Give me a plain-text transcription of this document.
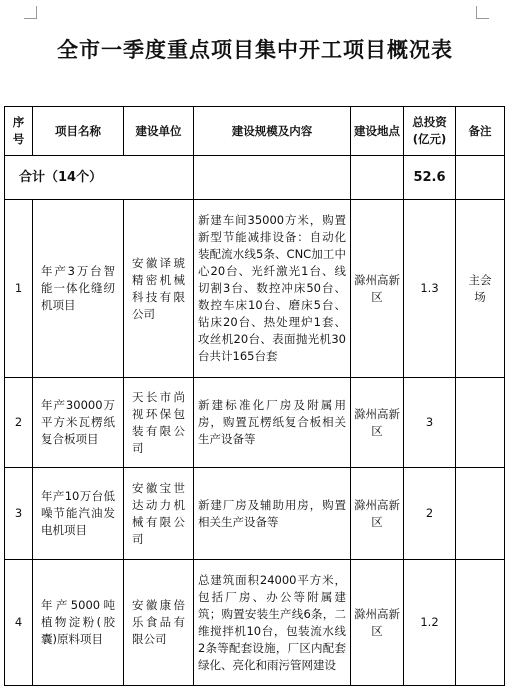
全市一季度重点项目集中开工项目概况表
序号	项目名称	建设单位	建设规模及内容	建设地点	总投资(亿元)	备注
合计（14个）					52.6	
1	年产3万台智能一体化缝纫机项目	安徽译琥精密机械科技有限公司	新建车间35000方米，购置新型节能减排设备：自动化装配流水线5条、CNC加工中心20台、光纤激光1台、线切割3台、数控冲床50台、数控车床10台、磨床5台、钻床20台、热处理炉1套、攻丝机20台、表面抛光机30台共计165台套	滁州高新区	1.3	主会场
2	年产30000万平方米瓦楞纸复合板项目	天长市尚视环保包装有限公司	新建标准化厂房及附属用房，购置瓦楞纸复合板相关生产设备等	滁州高新区	3	
3	年产10万台低噪节能汽油发电机项目	安徽宝世达动力机械有限公司	新建厂房及辅助用房，购置相关生产设备等	滁州高新区	2	
4	年产5000吨植物淀粉(胶囊)原料项目	安徽康倍乐食品有限公司	总建筑面积24000平方米，包括厂房、办公等附属建筑；购置安装生产线6条，二维搅拌机10台，包装流水线2条等配套设施，厂区内配套绿化、亮化和雨污管网建设	滁州高新区	1.2	
